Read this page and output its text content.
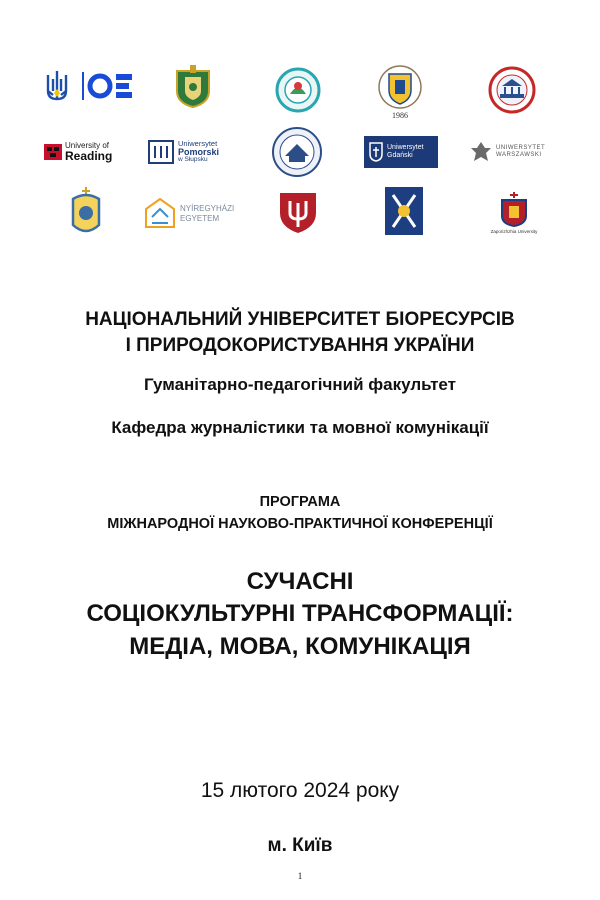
1986
University of
Reading
Uniwersytet
Pomorski
w Słupsku
Uniwersytet
Gdański
UNIWERSYTET
WARSZAWSKI
NYÍREGYHÁZI
EGYETEM
Zaporizhzhia University
НАЦІОНАЛЬНИЙ УНІВЕРСИТЕТ БІОРЕСУРСІВ
І ПРИРОДОКОРИСТУВАННЯ УКРАЇНИ
Гуманітарно-педагогічний факультет
Кафедра журналістики та мовної комунікації
ПРОГРАМА
МІЖНАРОДНОЇ НАУКОВО-ПРАКТИЧНОЇ КОНФЕРЕНЦІЇ
СУЧАСНІ
СОЦІОКУЛЬТУРНІ ТРАНСФОРМАЦІЇ:
МЕДІА, МОВА, КОМУНІКАЦІЯ
15 лютого 2024 року
м. Київ
1
